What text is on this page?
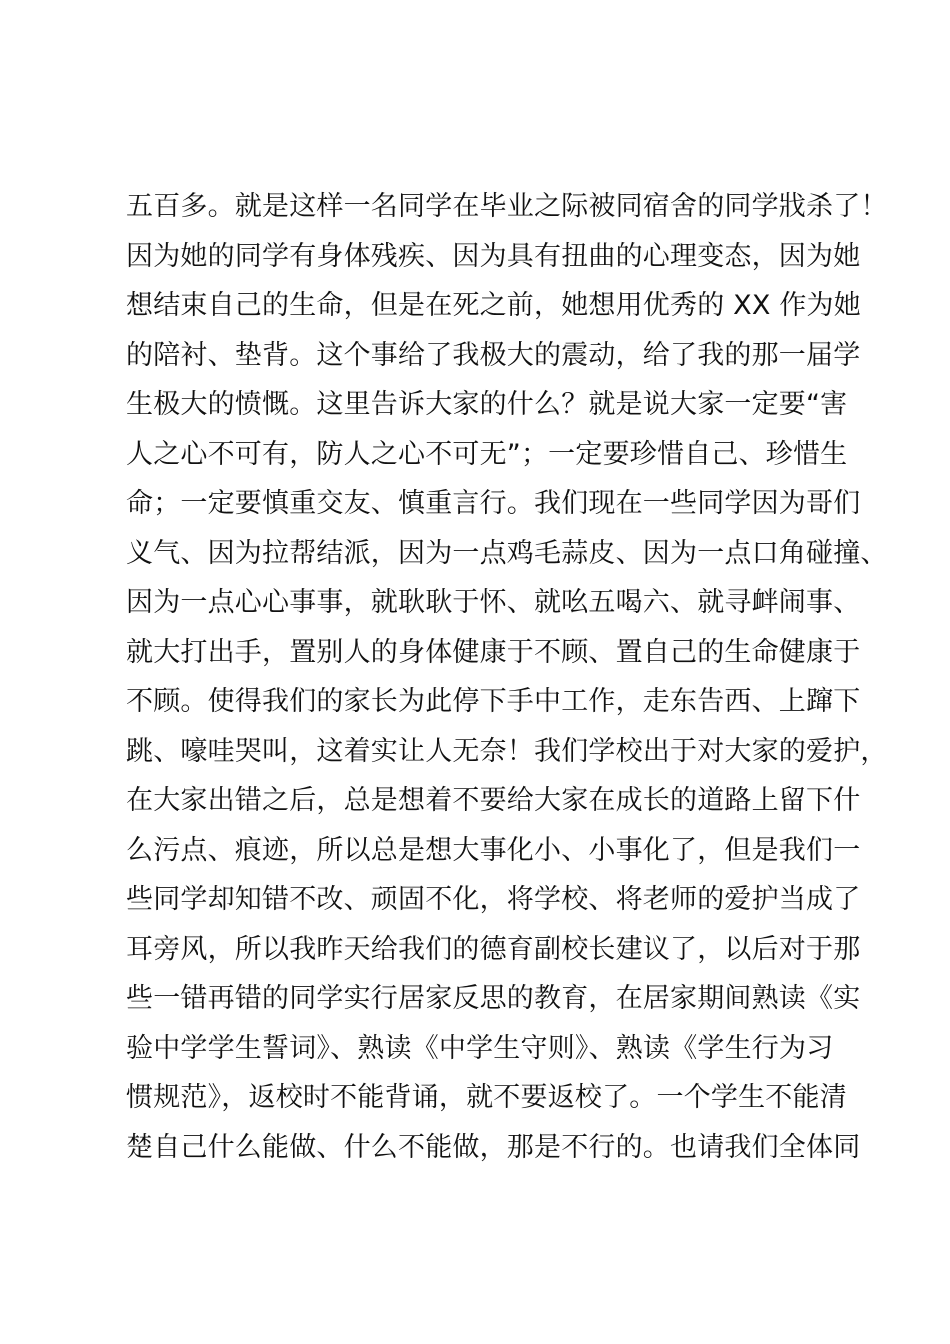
五百多。就是这样一名同学在毕业之际被同宿舍的同学戕杀了！
因为她的同学有身体残疾、因为具有扭曲的心理变态，因为她
想结束自己的生命，但是在死之前，她想用优秀的 XX 作为她
的陪衬、垫背。这个事给了我极大的震动，给了我的那一届学
生极大的愤慨。这里告诉大家的什么？就是说大家一定要“害
人之心不可有，防人之心不可无”；一定要珍惜自己、珍惜生
命；一定要慎重交友、慎重言行。我们现在一些同学因为哥们
义气、因为拉帮结派，因为一点鸡毛蒜皮、因为一点口角碰撞、
因为一点心心事事，就耿耿于怀、就吆五喝六、就寻衅闹事、
就大打出手，置别人的身体健康于不顾、置自己的生命健康于
不顾。使得我们的家长为此停下手中工作，走东告西、上蹿下
跳、嚎哇哭叫，这着实让人无奈！我们学校出于对大家的爱护，
在大家出错之后，总是想着不要给大家在成长的道路上留下什
么污点、痕迹，所以总是想大事化小、小事化了，但是我们一
些同学却知错不改、顽固不化，将学校、将老师的爱护当成了
耳旁风，所以我昨天给我们的德育副校长建议了，以后对于那
些一错再错的同学实行居家反思的教育，在居家期间熟读《实
验中学学生誓词》、熟读《中学生守则》、熟读《学生行为习
惯规范》，返校时不能背诵，就不要返校了。一个学生不能清
楚自己什么能做、什么不能做，那是不行的。也请我们全体同
